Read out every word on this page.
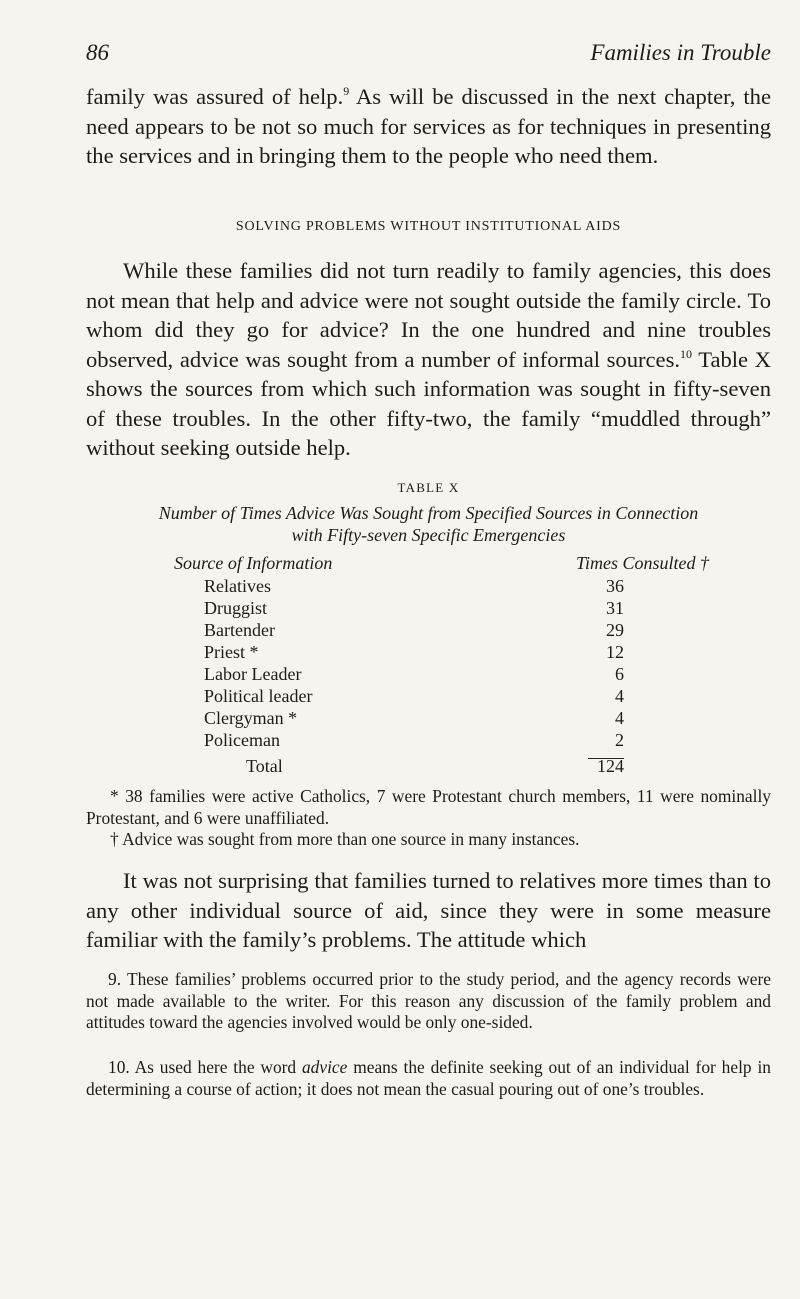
86	Families in Trouble

family was assured of help.$^9$ As will be discussed in the next chapter, the need appears to be not so much for services as for techniques in presenting the services and in bringing them to the people who need them.

SOLVING PROBLEMS WITHOUT INSTITUTIONAL AIDS

While these families did not turn readily to family agencies, this does not mean that help and advice were not sought outside the family circle. To whom did they go for advice? In the one hundred and nine troubles observed, advice was sought from a number of informal sources.$^{10}$ Table X shows the sources from which such information was sought in fifty-seven of these troubles. In the other fifty-two, the family “muddled through” without seeking outside help.

TABLE X
Number of Times Advice Was Sought from Specified Sources in Connection
with Fifty-seven Specific Emergencies
Source of Information	Times Consulted †
Relatives	36
Druggist	31
Bartender	29
Priest *	12
Labor Leader	6
Political leader	4
Clergyman *	4
Policeman	2
Total	124

* 38 families were active Catholics, 7 were Protestant church members, 11 were nominally Protestant, and 6 were unaffiliated.

† Advice was sought from more than one source in many instances.

It was not surprising that families turned to relatives more times than to any other individual source of aid, since they were in some measure familiar with the family’s problems. The attitude which

9. These families’ problems occurred prior to the study period, and the agency records were not made available to the writer. For this reason any discussion of the family problem and attitudes toward the agencies involved would be only one-sided.

10. As used here the word advice means the definite seeking out of an individual for help in determining a course of action; it does not mean the casual pouring out of one’s troubles.
